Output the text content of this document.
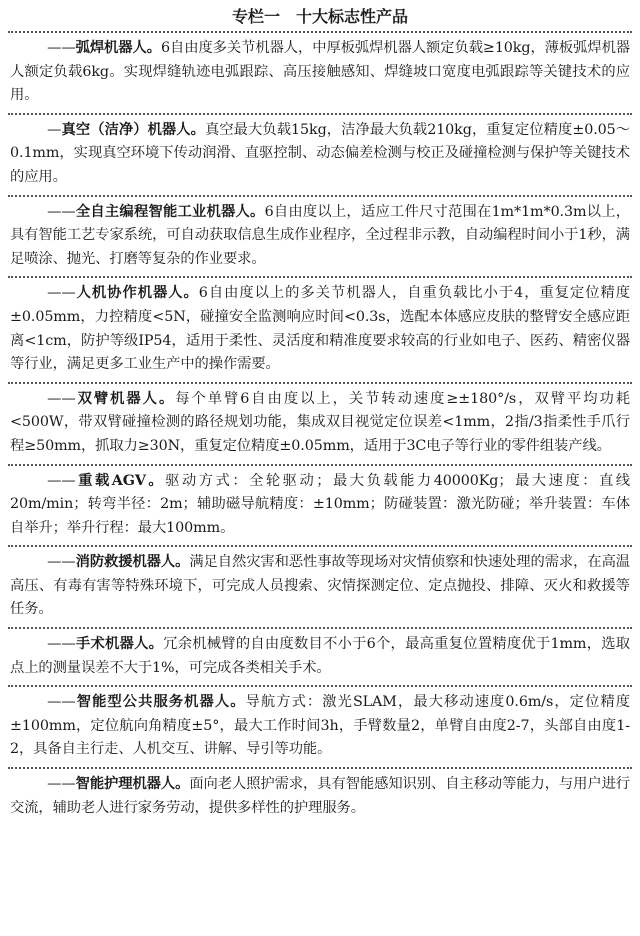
专栏一 十大标志性产品
——弧焊机器人。6自由度多关节机器人，中厚板弧焊机器人额定负载≥10kg，薄板弧焊机器人额定负载6kg。实现焊缝轨迹电弧跟踪、高压接触感知、焊缝坡口宽度电弧跟踪等关键技术的应用。
—真空（洁净）机器人。真空最大负载15kg，洁净最大负载210kg，重复定位精度±0.05～0.1mm，实现真空环境下传动润滑、直驱控制、动态偏差检测与校正及碰撞检测与保护等关键技术的应用。
——全自主编程智能工业机器人。6自由度以上，适应工件尺寸范围在1m*1m*0.3m以上，具有智能工艺专家系统，可自动获取信息生成作业程序，全过程非示教，自动编程时间小于1秒，满足喷涂、抛光、打磨等复杂的作业要求。
——人机协作机器人。6自由度以上的多关节机器人，自重负载比小于4，重复定位精度±0.05mm，力控精度<5N，碰撞安全监测响应时间<0.3s，选配本体感应皮肤的整臂安全感应距离<1cm，防护等级IP54，适用于柔性、灵活度和精准度要求较高的行业如电子、医药、精密仪器等行业，满足更多工业生产中的操作需要。
——双臂机器人。每个单臂6自由度以上，关节转动速度≥±180°/s，双臂平均功耗<500W，带双臂碰撞检测的路径规划功能，集成双目视觉定位误差<1mm，2指/3指柔性手爪行程≥50mm，抓取力≥30N，重复定位精度±0.05mm，适用于3C电子等行业的零件组装产线。
——重载AGV。驱动方式：全轮驱动；最大负载能力40000Kg；最大速度：直线20m/min；转弯半径：2m；辅助磁导航精度：±10mm；防碰装置：激光防碰；举升装置：车体自举升；举升行程：最大100mm。
——消防救援机器人。满足自然灾害和恶性事故等现场对灾情侦察和快速处理的需求，在高温高压、有毒有害等特殊环境下，可完成人员搜索、灾情探测定位、定点抛投、排障、灭火和救援等任务。
——手术机器人。冗余机械臂的自由度数目不小于6个，最高重复位置精度优于1mm，选取点上的测量误差不大于1%，可完成各类相关手术。
——智能型公共服务机器人。导航方式：激光SLAM，最大移动速度0.6m/s，定位精度±100mm，定位航向角精度±5°，最大工作时间3h，手臂数量2，单臂自由度2-7，头部自由度1-2，具备自主行走、人机交互、讲解、导引等功能。
——智能护理机器人。面向老人照护需求，具有智能感知识别、自主移动等能力，与用户进行交流，辅助老人进行家务劳动，提供多样性的护理服务。
